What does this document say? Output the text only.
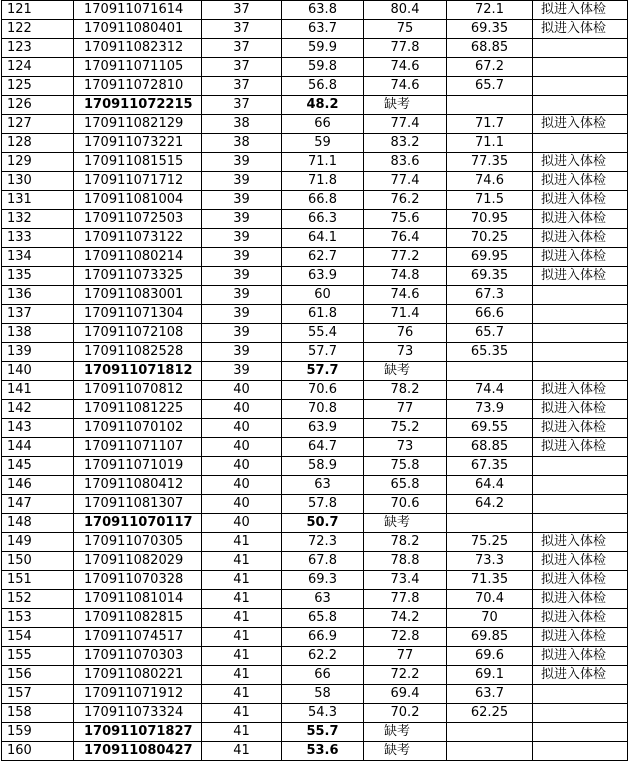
121	170911071614	37	63.8	80.4	72.1	拟进入体检
122	170911080401	37	63.7	75	69.35	拟进入体检
123	170911082312	37	59.9	77.8	68.85	
124	170911071105	37	59.8	74.6	67.2	
125	170911072810	37	56.8	74.6	65.7	
126	170911072215	37	48.2	缺考		
127	170911082129	38	66	77.4	71.7	拟进入体检
128	170911073221	38	59	83.2	71.1	
129	170911081515	39	71.1	83.6	77.35	拟进入体检
130	170911071712	39	71.8	77.4	74.6	拟进入体检
131	170911081004	39	66.8	76.2	71.5	拟进入体检
132	170911072503	39	66.3	75.6	70.95	拟进入体检
133	170911073122	39	64.1	76.4	70.25	拟进入体检
134	170911080214	39	62.7	77.2	69.95	拟进入体检
135	170911073325	39	63.9	74.8	69.35	拟进入体检
136	170911083001	39	60	74.6	67.3	
137	170911071304	39	61.8	71.4	66.6	
138	170911072108	39	55.4	76	65.7	
139	170911082528	39	57.7	73	65.35	
140	170911071812	39	57.7	缺考		
141	170911070812	40	70.6	78.2	74.4	拟进入体检
142	170911081225	40	70.8	77	73.9	拟进入体检
143	170911070102	40	63.9	75.2	69.55	拟进入体检
144	170911071107	40	64.7	73	68.85	拟进入体检
145	170911071019	40	58.9	75.8	67.35	
146	170911080412	40	63	65.8	64.4	
147	170911081307	40	57.8	70.6	64.2	
148	170911070117	40	50.7	缺考		
149	170911070305	41	72.3	78.2	75.25	拟进入体检
150	170911082029	41	67.8	78.8	73.3	拟进入体检
151	170911070328	41	69.3	73.4	71.35	拟进入体检
152	170911081014	41	63	77.8	70.4	拟进入体检
153	170911082815	41	65.8	74.2	70	拟进入体检
154	170911074517	41	66.9	72.8	69.85	拟进入体检
155	170911070303	41	62.2	77	69.6	拟进入体检
156	170911080221	41	66	72.2	69.1	拟进入体检
157	170911071912	41	58	69.4	63.7	
158	170911073324	41	54.3	70.2	62.25	
159	170911071827	41	55.7	缺考		
160	170911080427	41	53.6	缺考		
